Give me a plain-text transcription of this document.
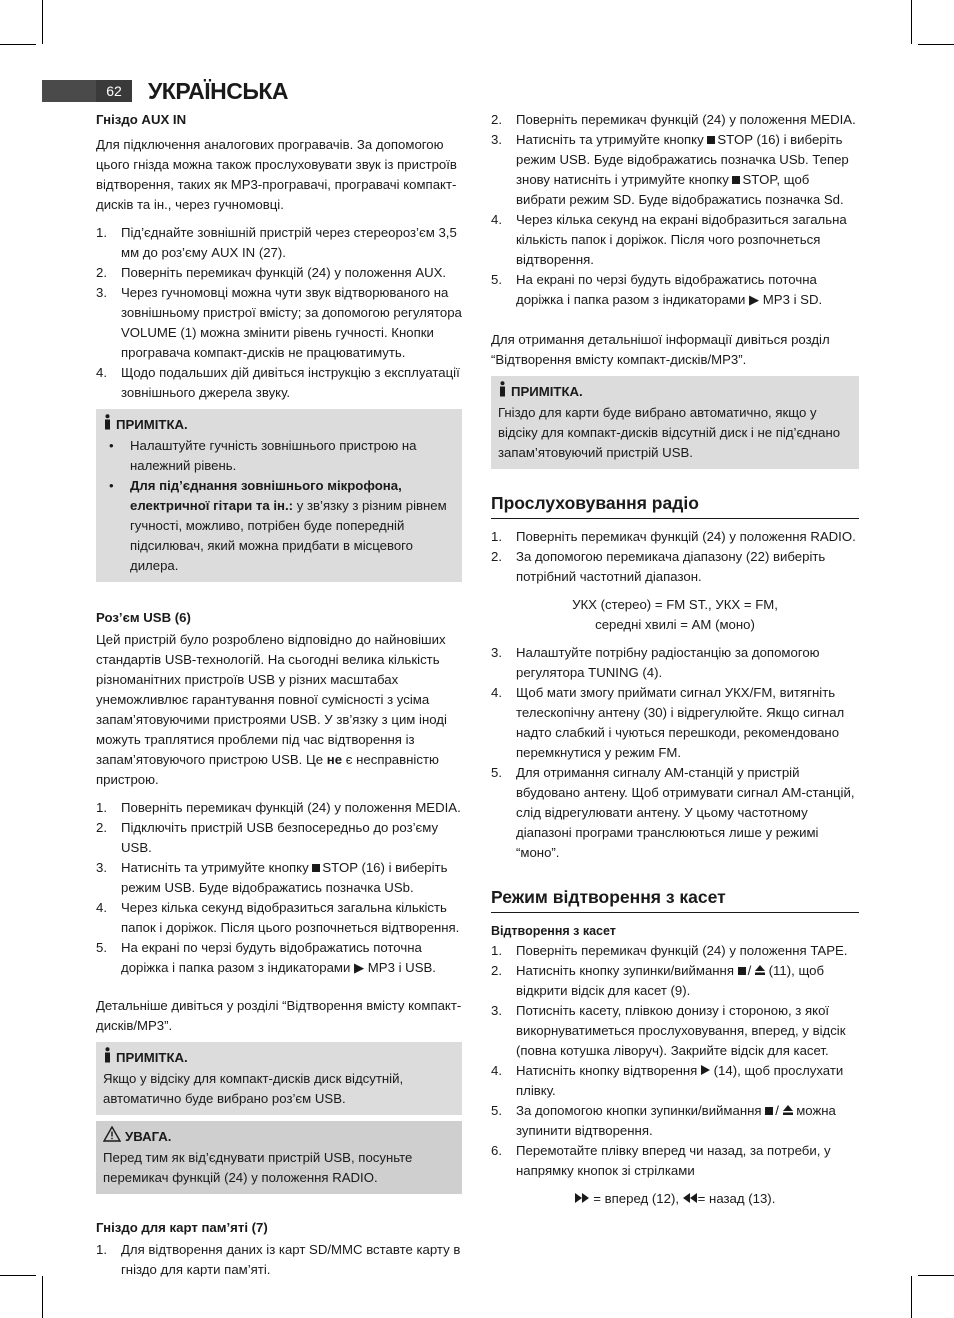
62	УКРАЇНСЬКА

Гніздо AUX IN

Для підключення аналогових програвачів. За допомогою цього гнізда можна також прослуховувати звук із пристроїв відтворення, таких як MP3-програвачі, програвачі компакт-дисків та ін., через гучномовці.

1.	Під’єднайте зовнішній пристрій через стереороз’єм 3,5 мм до роз’єму AUX IN (27).
2.	Поверніть перемикач функцій (24) у положення AUX.
3.	Через гучномовці можна чути звук відтворюваного на зовнішньому пристрої вмісту; за допомогою регулятора VOLUME (1) можна змінити рівень гучності. Кнопки програвача компакт-дисків не працюватимуть.
4.	Щодо подальших дій дивіться інструкцію з експлуатації зовнішнього джерела звуку.
ПРИМІТКА.
•	Налаштуйте гучність зовнішнього пристрою на належний рівень.
•	Для під’єднання зовнішнього мікрофона, електричної гітари та ін.: у зв’язку з різним рівнем гучності, можливо, потрібен буде попередній підсилювач, який можна придбати в місцевого дилера.

Роз’єм USB (6)

Цей пристрій було розроблено відповідно до найновіших стандартів USB-технологій. На сьогодні велика кількість різноманітних пристроїв USB у різних масштабах унеможливлює гарантування повної сумісності з усіма запам’ятовуючими пристроями USB. У зв’язку з цим іноді можуть траплятися проблеми під час відтворення із запам’ятовуючого пристрою USB. Це не є несправністю пристрою.

1.	Поверніть перемикач функцій (24) у положення MEDIA.
2.	Підключіть пристрій USB безпосередньо до роз’єму USB.
3.	Натисніть та утримуйте кнопку STOP (16) і виберіть режим USB. Буде відображатись позначка USb.
4.	Через кілька секунд відобразиться загальна кількість папок і доріжок. Після цього розпочнеться відтворення.
5.	На екрані по черзі будуть відображатись поточна доріжка і папка разом з індикаторами ▶ MP3 і USB.

Детальніше дивіться у розділі “Відтворення вмісту компакт-дисків/MP3”.

ПРИМІТКА.

Якщо у відсіку для компакт-дисків диск відсутній, автоматично буде вибрано роз’єм USB.

УВАГА.

Перед тим як від’єднувати пристрій USB, посуньте перемикач функцій (24) у положення RADIO.

Гніздо для карт пам’яті (7)

1.	Для відтворення даних із карт SD/MMC вставте карту в гніздо для карти пам’яті.
2.	Поверніть перемикач функцій (24) у положення MEDIA.
3.	Натисніть та утримуйте кнопку STOP (16) і виберіть режим USB. Буде відображатись позначка USb. Тепер знову натисніть і утримуйте кнопку STOP, щоб вибрати режим SD. Буде відображатись позначка Sd.
4.	Через кілька секунд на екрані відобразиться загальна кількість папок і доріжок. Після чого розпочнеться відтворення.
5.	На екрані по черзі будуть відображатись поточна доріжка і папка разом з індикаторами ▶ MP3 і SD.

Для отримання детальнішої інформації дивіться розділ “Відтворення вмісту компакт-дисків/MP3”.

ПРИМІТКА.

Гніздо для карти буде вибрано автоматично, якщо у відсіку для компакт-дисків відсутній диск і не під’єднано запам’ятовуючий пристрій USB.

Прослуховування радіо
1.	Поверніть перемикач функцій (24) у положення RADIO.
2.	За допомогою перемикача діапазону (22) виберіть потрібний частотний діапазон.
УКХ (стерео) = FM ST., УКХ = FM,
середні хвилі = AM (моно)
3.	Налаштуйте потрібну радіостанцію за допомогою регулятора TUNING (4).
4.	Щоб мати змогу приймати сигнал УКХ/FM, витягніть телескопічну антену (30) і відрегулюйте. Якщо сигнал надто слабкий і чуються перешкоди, рекомендовано перемкнутися у режим FM.
5.	Для отримання сигналу AM-станцій у пристрій вбудовано антену. Щоб отримувати сигнал AM-станцій, слід відрегулювати антену. У цьому частотному діапазоні програми транслюються лише у режимі “моно”.
Режим відтворення з касет

Відтворення з касет

1.	Поверніть перемикач функцій (24) у положення TAPE.
2.	Натисніть кнопку зупинки/виймання /  (11), щоб відкрити відсік для касет (9).
3.	Потисніть касету, плівкою донизу і стороною, з якої викорнуватиметься прослуховування, вперед, у відсік (повна котушка ліворуч). Закрийте відсік для касет.
4.	Натисніть кнопку відтворення  (14), щоб прослухати плівку.
5.	За допомогою кнопки зупинки/виймання /  можна зупинити відтворення.
6.	Перемотайте плівку вперед чи назад, за потреби, у напрямку кнопок зі стрілками
= вперед (12), = назад (13).
